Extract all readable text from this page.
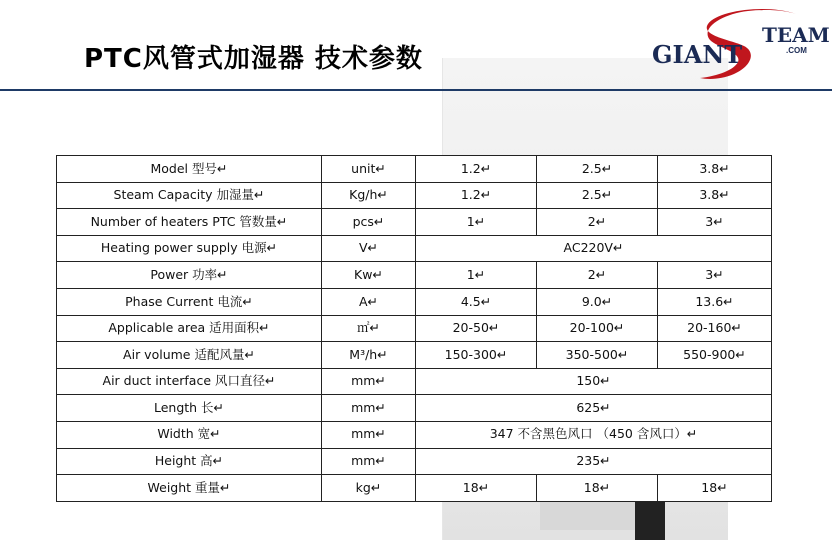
PTC风管式加湿器 技术参数	GIANT
TEAM
.COM
Model 型号↵	unit↵	1.2↵	2.5↵	3.8↵
Steam Capacity 加湿量↵	Kg/h↵	1.2↵	2.5↵	3.8↵
Number of heaters PTC 管数量↵	pcs↵	1↵	2↵	3↵
Heating power supply 电源↵	V↵	AC220V↵		
Power 功率↵	Kw↵	1↵	2↵	3↵
Phase Current 电流↵	A↵	4.5↵	9.0↵	13.6↵
Applicable area 适用面积↵	㎡↵	20-50↵	20-100↵	20-160↵
Air volume 适配风量↵	M³/h↵	150-300↵	350-500↵	550-900↵
Air duct interface 风口直径↵	mm↵	150↵		
Length 长↵	mm↵	625↵		
Width 宽↵	mm↵	347 不含黑色风口 （450 含风口）↵		
Height 高↵	mm↵	235↵		
Weight 重量↵	kg↵	18↵	18↵	18↵
